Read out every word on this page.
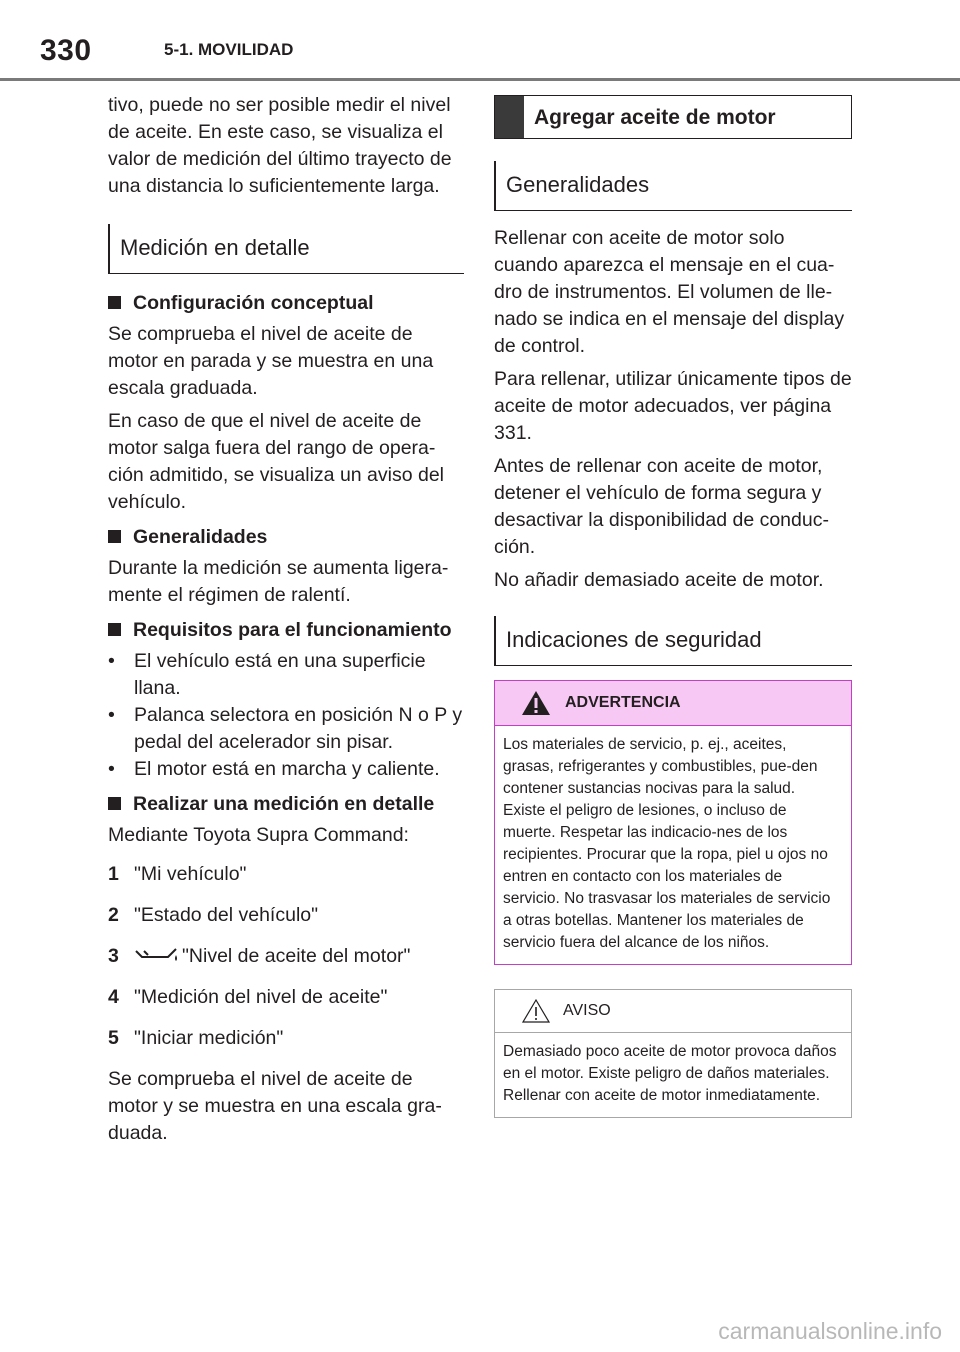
330	5-1. MOVILIDAD

tivo, puede no ser posible medir el nivel de aceite. En este caso, se visualiza el valor de medición del último trayecto de una distancia lo suficientemente larga.

Medición en detalle
Configuración conceptual

Se comprueba el nivel de aceite de motor en parada y se muestra en una escala graduada.

En caso de que el nivel de aceite de motor salga fuera del rango de opera-ción admitido, se visualiza un aviso del vehículo.

Generalidades

Durante la medición se aumenta ligera-mente el régimen de ralentí.

Requisitos para el funcionamiento
• El vehículo está en una superficie llana.
• Palanca selectora en posición N o P y pedal del acelerador sin pisar.
• El motor está en marcha y caliente.
Realizar una medición en detalle

Mediante Toyota Supra Command:

1 "Mi vehículo"
2 "Estado del vehículo"
3	"Nivel de aceite del motor"
4 "Medición del nivel de aceite"
5 "Iniciar medición"

Se comprueba el nivel de aceite de motor y se muestra en una escala gra-duada.

Agregar aceite de motor
Generalidades

Rellenar con aceite de motor solo cuando aparezca el mensaje en el cua-dro de instrumentos. El volumen de lle-nado se indica en el mensaje del display de control.

Para rellenar, utilizar únicamente tipos de aceite de motor adecuados, ver página 331.

Antes de rellenar con aceite de motor, detener el vehículo de forma segura y desactivar la disponibilidad de conduc-ción.

No añadir demasiado aceite de motor.

Indicaciones de seguridad
ADVERTENCIA
Los materiales de servicio, p. ej., aceites, grasas, refrigerantes y combustibles, pue-den contener sustancias nocivas para la salud. Existe el peligro de lesiones, o incluso de muerte. Respetar las indicacio-nes de los recipientes. Procurar que la ropa, piel u ojos no entren en contacto con los materiales de servicio. No trasvasar los materiales de servicio a otras botellas. Mantener los materiales de servicio fuera del alcance de los niños.
AVISO
Demasiado poco aceite de motor provoca daños en el motor. Existe peligro de daños materiales. Rellenar con aceite de motor inmediatamente.
carmanualsonline.info
